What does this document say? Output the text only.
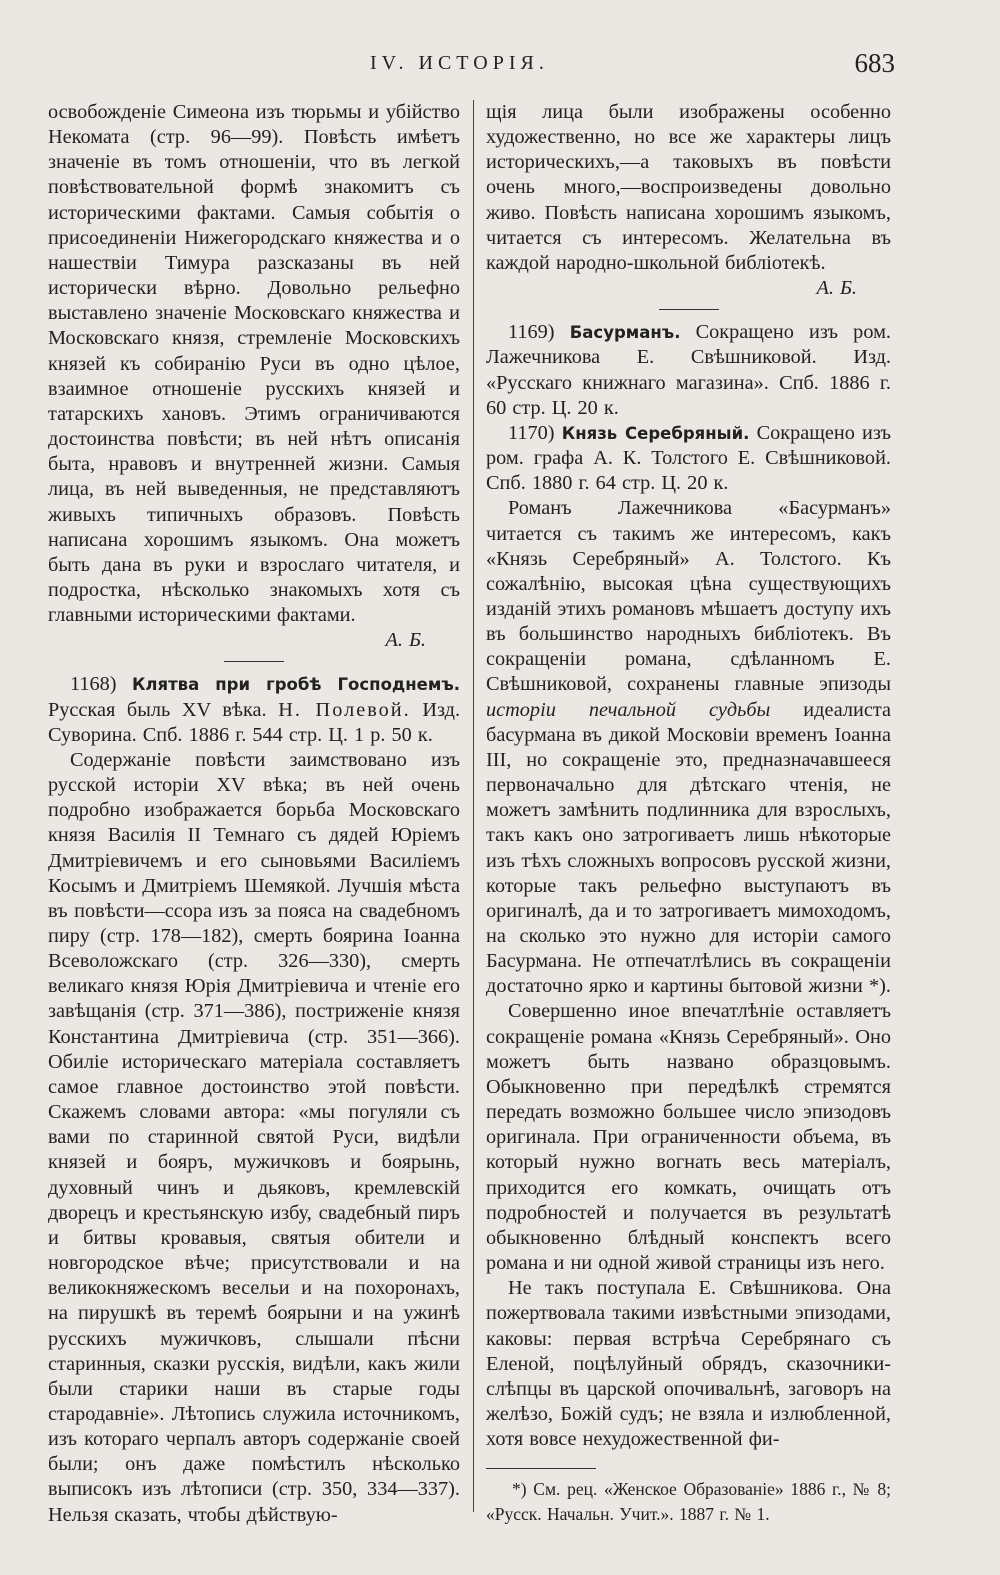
IV. ИСТОРІЯ.	683

освобожденіе Симеона изъ тюрьмы и убійство Некомата (стр. 96—99). Повѣсть имѣетъ значеніе въ томъ отношеніи, что въ легкой повѣствовательной формѣ знакомитъ съ историческими фактами. Самыя событія о присоединеніи Нижегородскаго княжества и о нашествіи Тимура разсказаны въ ней исторически вѣрно. Довольно рельефно выставлено значеніе Московскаго княжества и Московскаго князя, стремленіе Московскихъ князей къ собиранію Руси въ одно цѣлое, взаимное отношеніе русскихъ князей и татарскихъ хановъ. Этимъ ограничиваются достоинства повѣсти; въ ней нѣтъ описанія быта, нравовъ и внутренней жизни. Самыя лица, въ ней выведенныя, не представляютъ живыхъ типичныхъ образовъ. Повѣсть написана хорошимъ языкомъ. Она можетъ быть дана въ руки и взрослаго читателя, и подростка, нѣсколько знакомыхъ хотя съ главными историческими фактами.

А. Б.

1168) Клятва при гробѣ Господнемъ. Русская быль XV вѣка. Н. Полевой. Изд. Суворина. Спб. 1886 г. 544 стр. Ц. 1 р. 50 к.

Содержаніе повѣсти заимствовано изъ русской исторіи XV вѣка; въ ней очень подробно изображается борьба Московскаго князя Василія II Темнаго съ дядей Юріемъ Дмитріевичемъ и его сыновьями Василіемъ Косымъ и Дмитріемъ Шемякой. Лучшія мѣста въ повѣсти—ссора изъ за пояса на свадебномъ пиру (стр. 178—182), смерть боярина Іоанна Всеволожскаго (стр. 326—330), смерть великаго князя Юрія Дмитріевича и чтеніе его завѣщанія (стр. 371—386), постриженіе князя Константина Дмитріевича (стр. 351—366). Обиліе историческаго матеріала составляетъ самое главное достоинство этой повѣсти. Скажемъ словами автора: «мы погуляли съ вами по старинной святой Руси, видѣли князей и бояръ, мужичковъ и боярынь, духовный чинъ и дьяковъ, кремлевскій дворецъ и крестьянскую избу, свадебный пиръ и битвы кровавыя, святыя обители и новгородское вѣче; присутствовали и на великокняжескомъ весельи и на похоронахъ, на пирушкѣ въ теремѣ боярыни и на ужинѣ русскихъ мужичковъ, слышали пѣсни старинныя, сказки русскія, видѣли, какъ жили были старики наши въ старые годы стародавніе». Лѣтопись служила источникомъ, изъ котораго черпалъ авторъ содержаніе своей были; онъ даже помѣстилъ нѣсколько выписокъ изъ лѣтописи (стр. 350, 334—337). Нельзя сказать, чтобы дѣйствую-

щія лица были изображены особенно художественно, но все же характеры лицъ историческихъ,—а таковыхъ въ повѣсти очень много,—воспроизведены довольно живо. Повѣсть написана хорошимъ языкомъ, читается съ интересомъ. Желательна въ каждой народно-школьной библіотекѣ.

А. Б.

1169) Басурманъ. Сокращено изъ ром. Лажечникова Е. Свѣшниковой. Изд. «Русскаго книжнаго магазина». Спб. 1886 г. 60 стр. Ц. 20 к.

1170) Князь Серебряный. Сокращено изъ ром. графа А. К. Толстого Е. Свѣшниковой. Спб. 1880 г. 64 стр. Ц. 20 к.

Романъ Лажечникова «Басурманъ» читается съ такимъ же интересомъ, какъ «Князь Серебряный» А. Толстого. Къ сожалѣнію, высокая цѣна существующихъ изданій этихъ романовъ мѣшаетъ доступу ихъ въ большинство народныхъ библіотекъ. Въ сокращеніи романа, сдѣланномъ Е. Свѣшниковой, сохранены главные эпизоды исторіи печальной судьбы идеалиста басурмана въ дикой Московіи временъ Іоанна III, но сокращеніе это, предназначавшееся первоначально для дѣтскаго чтенія, не можетъ замѣнить подлинника для взрослыхъ, такъ какъ оно затрогиваетъ лишь нѣкоторые изъ тѣхъ сложныхъ вопросовъ русской жизни, которые такъ рельефно выступаютъ въ оригиналѣ, да и то затрогиваетъ мимоходомъ, на сколько это нужно для исторіи самого Басурмана. Не отпечатлѣлись въ сокращеніи достаточно ярко и картины бытовой жизни *).

Совершенно иное впечатлѣніе оставляетъ сокращеніе романа «Князь Серебряный». Оно можетъ быть названо образцовымъ. Обыкновенно при передѣлкѣ стремятся передать возможно большее число эпизодовъ оригинала. При ограниченности объема, въ который нужно вогнать весь матеріалъ, приходится его комкать, очищать отъ подробностей и получается въ результатѣ обыкновенно блѣдный конспектъ всего романа и ни одной живой страницы изъ него.

Не такъ поступала Е. Свѣшникова. Она пожертвовала такими извѣстными эпизодами, каковы: первая встрѣча Серебрянаго съ Еленой, поцѣлуйный обрядъ, сказочники-слѣпцы въ царской опочивальнѣ, заговоръ на желѣзо, Божій судъ; не взяла и излюбленной, хотя вовсе нехудожественной фи-

*) См. рец. «Женское Образованіе» 1886 г., № 8; «Русск. Начальн. Учит.». 1887 г. № 1.
